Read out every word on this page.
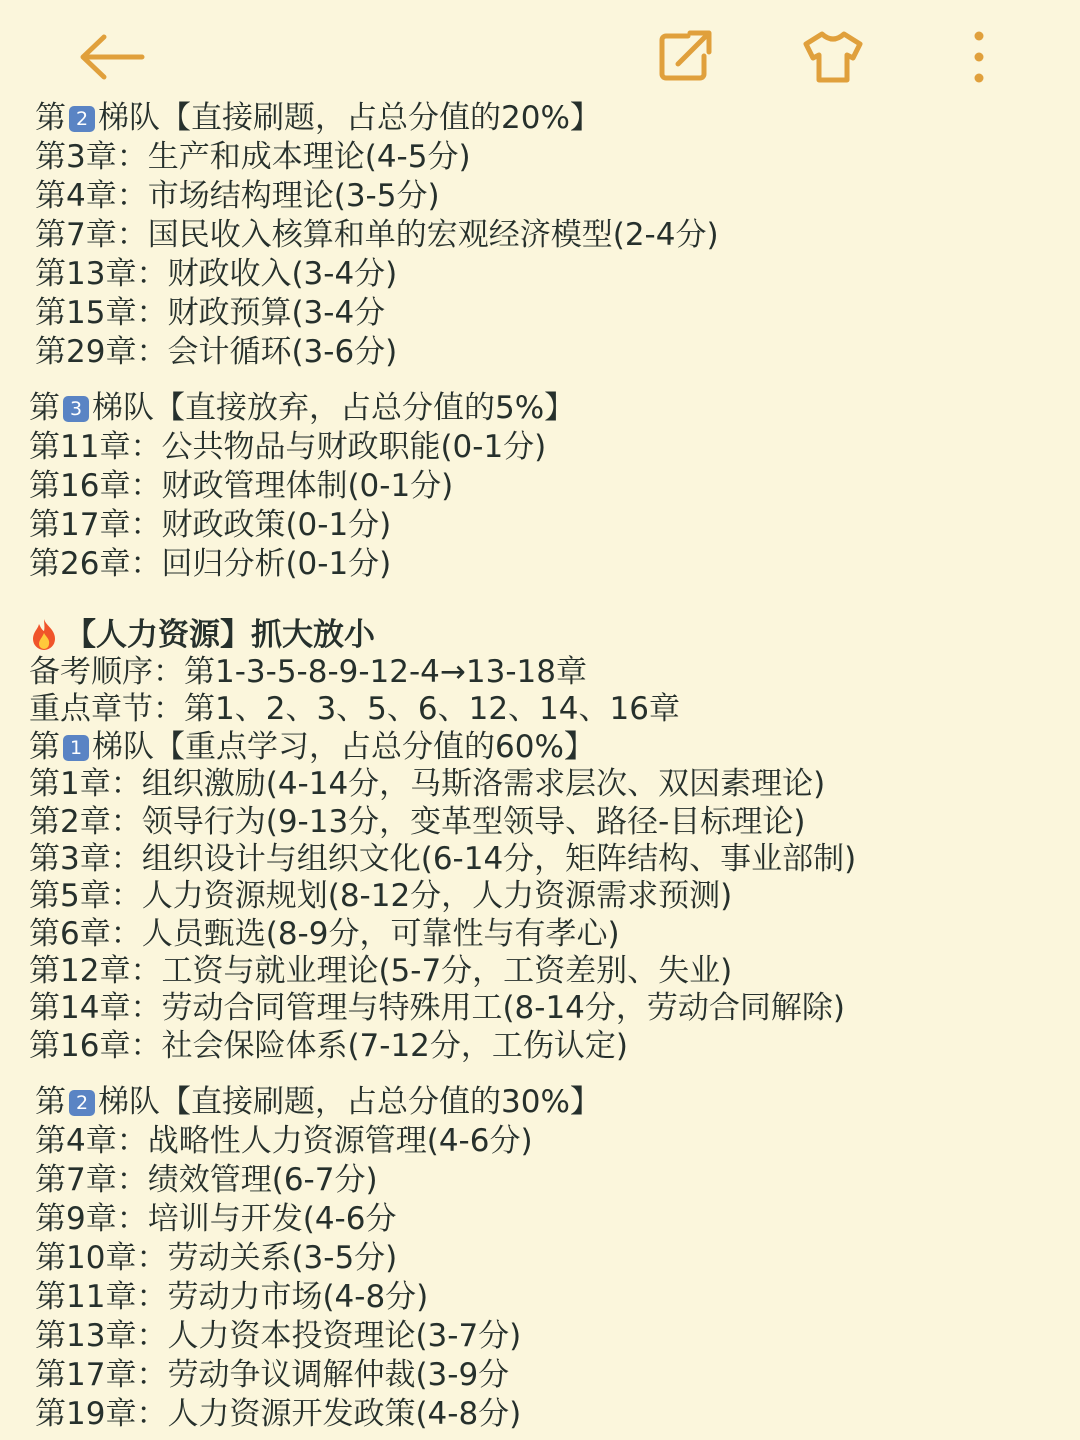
第 2 梯队【直接刷题，占总分值的20%】
第3章：生产和成本理论(4-5分)
第4章：市场结构理论(3-5分)
第7章：国民收入核算和单的宏观经济模型(2-4分)
第13章：财政收入(3-4分)
第15章：财政预算(3-4分
第29章：会计循环(3-6分)
第 3 梯队【直接放弃，占总分值的5%】
第11章：公共物品与财政职能(0-1分)
第16章：财政管理体制(0-1分)
第17章：财政政策(0-1分)
第26章：回归分析(0-1分)
【人力资源】抓大放小
备考顺序：第1-3-5-8-9-12-4→13-18章
重点章节：第1、2、3、5、6、12、14、16章
第 1 梯队【重点学习，占总分值的60%】
第1章：组织激励(4-14分，马斯洛需求层次、双因素理论)
第2章：领导行为(9-13分，变革型领导、路径-目标理论)
第3章：组织设计与组织文化(6-14分，矩阵结构、事业部制)
第5章：人力资源规划(8-12分，人力资源需求预测)
第6章：人员甄选(8-9分，可靠性与有孝心)
第12章：工资与就业理论(5-7分，工资差别、失业)
第14章：劳动合同管理与特殊用工(8-14分，劳动合同解除)
第16章：社会保险体系(7-12分，工伤认定)
第 2 梯队【直接刷题，占总分值的30%】
第4章：战略性人力资源管理(4-6分)
第7章：绩效管理(6-7分)
第9章：培训与开发(4-6分
第10章：劳动关系(3-5分)
第11章：劳动力市场(4-8分)
第13章：人力资本投资理论(3-7分)
第17章：劳动争议调解仲裁(3-9分
第19章：人力资源开发政策(4-8分)
